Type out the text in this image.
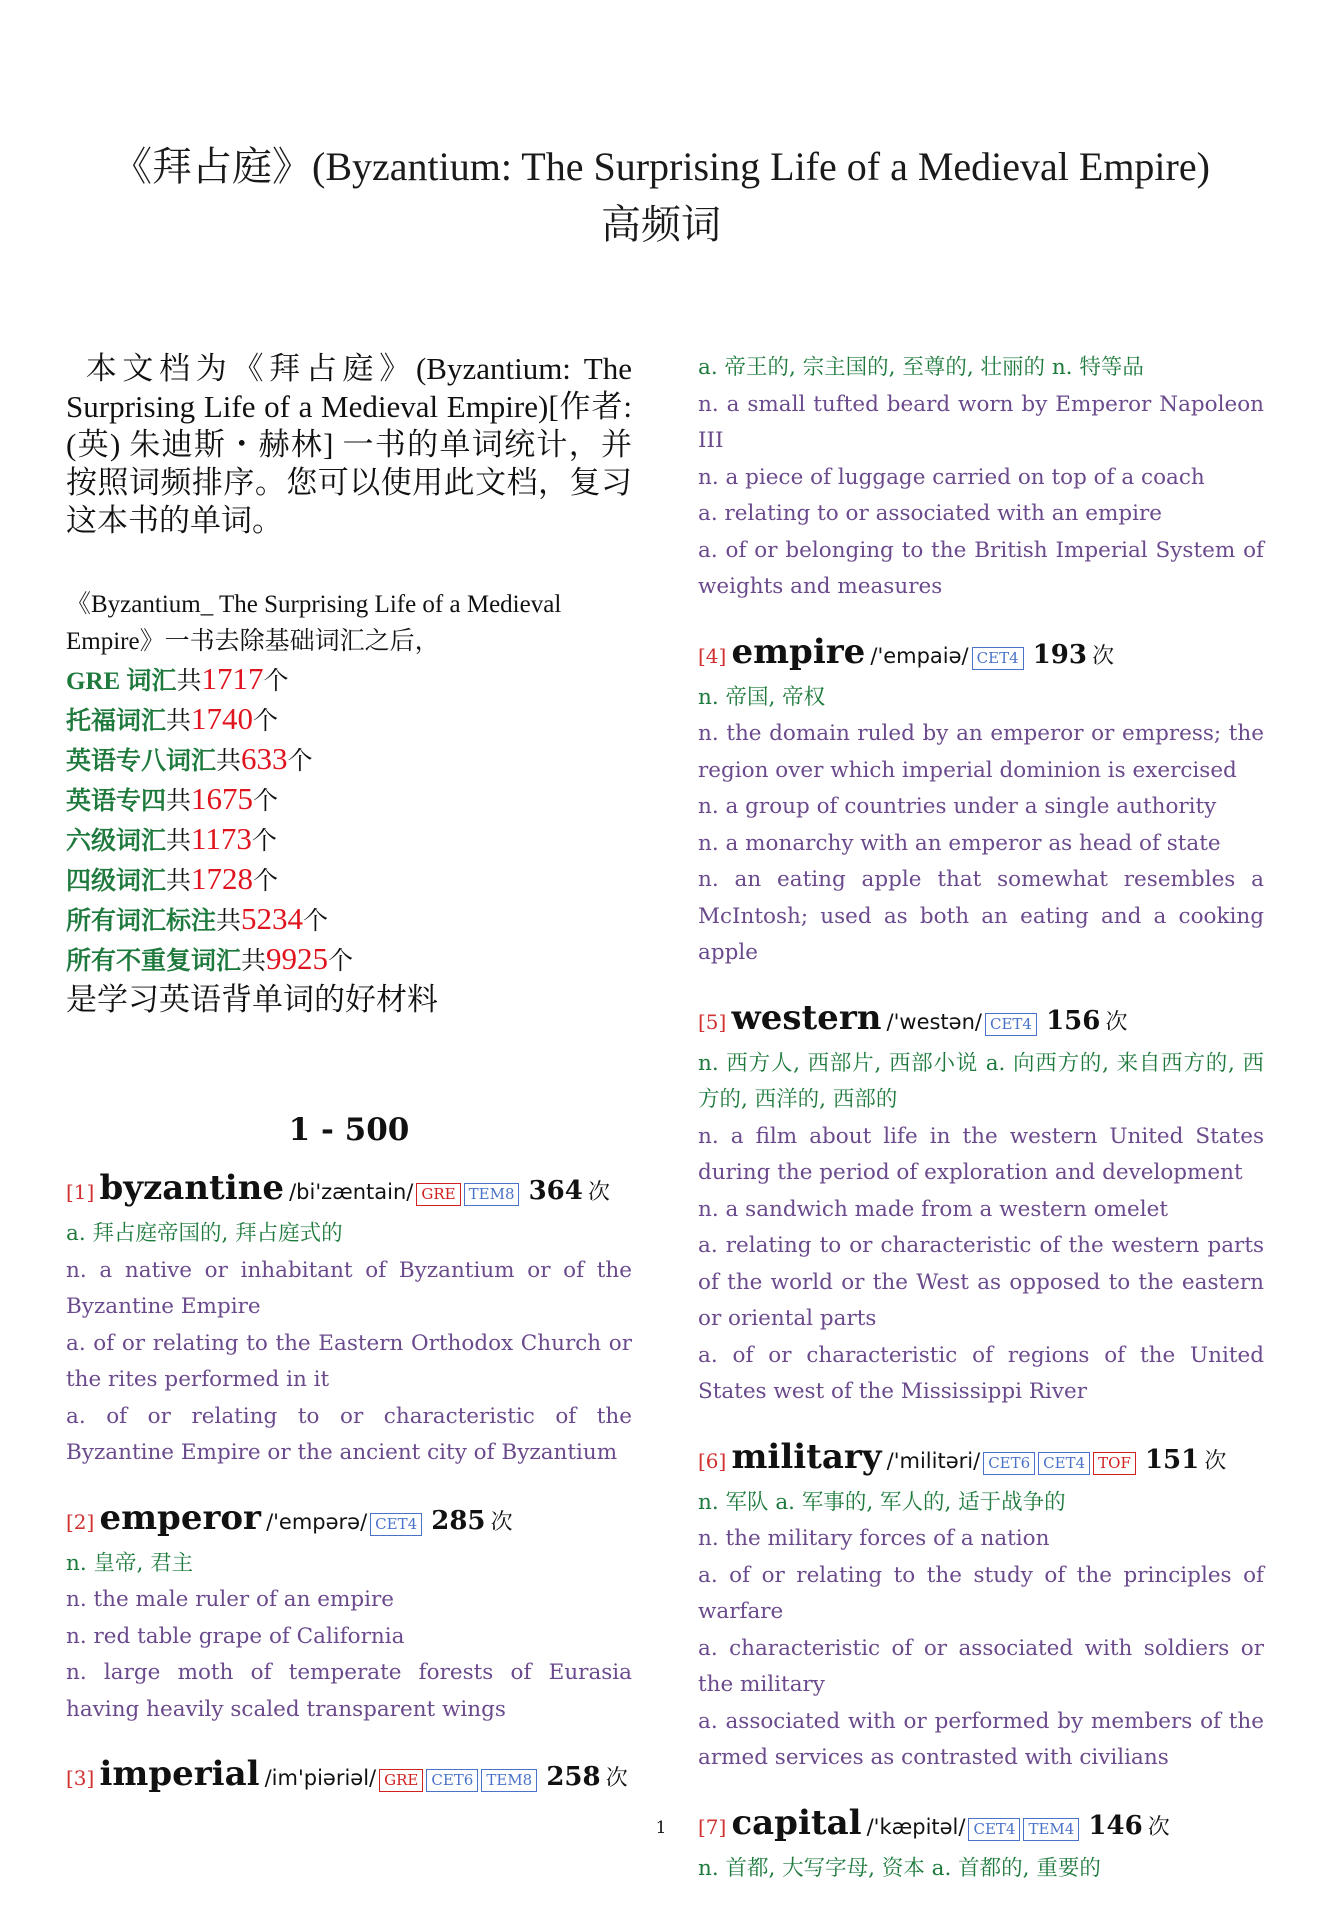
《拜占庭》(Byzantium: The Surprising Life of a Medieval Empire)
高频词

本文档为《拜占庭》(Byzantium: The Surprising Life of a Medieval Empire)[作者: (英) 朱迪斯・赫林] 一书的单词统计，并按照词频排序。您可以使用此文档，复习这本书的单词。

《Byzantium_ The Surprising Life of a Medieval Empire》一书去除基础词汇之后，
GRE 词汇共1717个
托福词汇共1740个
英语专八词汇共633个
英语专四共1675个
六级词汇共1173个
四级词汇共1728个
所有词汇标注共5234个
所有不重复词汇共9925个
是学习英语背单词的好材料
1 - 500
[1] byzantine /bi'zæntain/ GRE TEM8 364 次

a. 拜占庭帝国的, 拜占庭式的

n. a native or inhabitant of Byzantium or of the Byzantine Empire

a. of or relating to the Eastern Orthodox Church or the rites performed in it

a. of or relating to or characteristic of the Byzantine Empire or the ancient city of Byzantium

[2] emperor /'empərə/ CET4 285 次

n. 皇帝, 君主

n. the male ruler of an empire

n. red table grape of California

n. large moth of temperate forests of Eurasia having heavily scaled transparent wings

[3] imperial /im'piəriəl/ GRE CET6 TEM8 258 次

a. 帝王的, 宗主国的, 至尊的, 壮丽的 n. 特等品

n. a small tufted beard worn by Emperor Napoleon III

n. a piece of luggage carried on top of a coach

a. relating to or associated with an empire

a. of or belonging to the British Imperial System of weights and measures

[4] empire /'empaiə/ CET4 193 次

n. 帝国, 帝权

n. the domain ruled by an emperor or empress; the region over which imperial dominion is exercised

n. a group of countries under a single authority

n. a monarchy with an emperor as head of state

n. an eating apple that somewhat resembles a McIntosh; used as both an eating and a cooking apple

[5] western /'westən/ CET4 156 次

n. 西方人, 西部片, 西部小说 a. 向西方的, 来自西方的, 西方的, 西洋的, 西部的

n. a film about life in the western United States during the period of exploration and development

n. a sandwich made from a western omelet

a. relating to or characteristic of the western parts of the world or the West as opposed to the eastern or oriental parts

a. of or characteristic of regions of the United States west of the Mississippi River

[6] military /'militəri/ CET6 CET4 TOF 151 次

n. 军队 a. 军事的, 军人的, 适于战争的

n. the military forces of a nation

a. of or relating to the study of the principles of warfare

a. characteristic of or associated with soldiers or the military

a. associated with or performed by members of the armed services as contrasted with civilians

[7] capital /'kæpitəl/ CET4 TEM4 146 次

n. 首都, 大写字母, 资本 a. 首都的, 重要的

1
